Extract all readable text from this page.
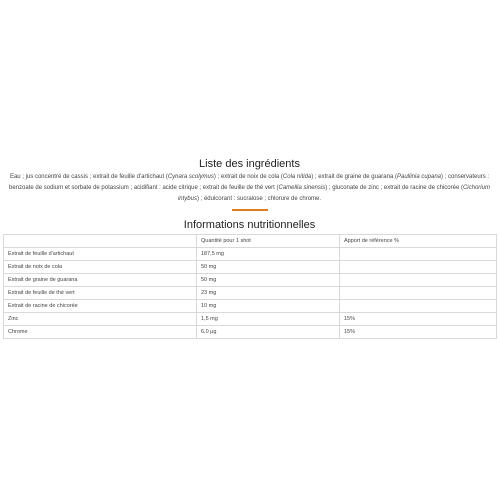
Liste des ingrédients
Eau ; jus concentré de cassis ; extrait de feuille d'artichaut (Cynara scolymus) ; extrait de noix de cola (Cola nitida) ; extrait de graine de guarana (Paullinia cupana) ; conservateurs : benzoate de sodium et sorbate de potassium ; acidifiant : acide citrique ; extrait de feuille de thé vert (Camellia sinensis) ; gluconate de zinc ; extrait de racine de chicorée (Cichorium intybus) ; édulcorant : sucralose ; chlorure de chrome.
Informations nutritionnelles
	Quantité pour 1 shot	Apport de référence %
Extrait de feuille d'artichaut	187,5 mg	
Extrait de noix de cola	50 mg	
Extrait de graine de guarana	50 mg	
Extrait de feuille de thé vert	23 mg	
Extrait de racine de chicorée	10 mg	
Zinc	1,5 mg	15%
Chrome	6,0 µg	15%
